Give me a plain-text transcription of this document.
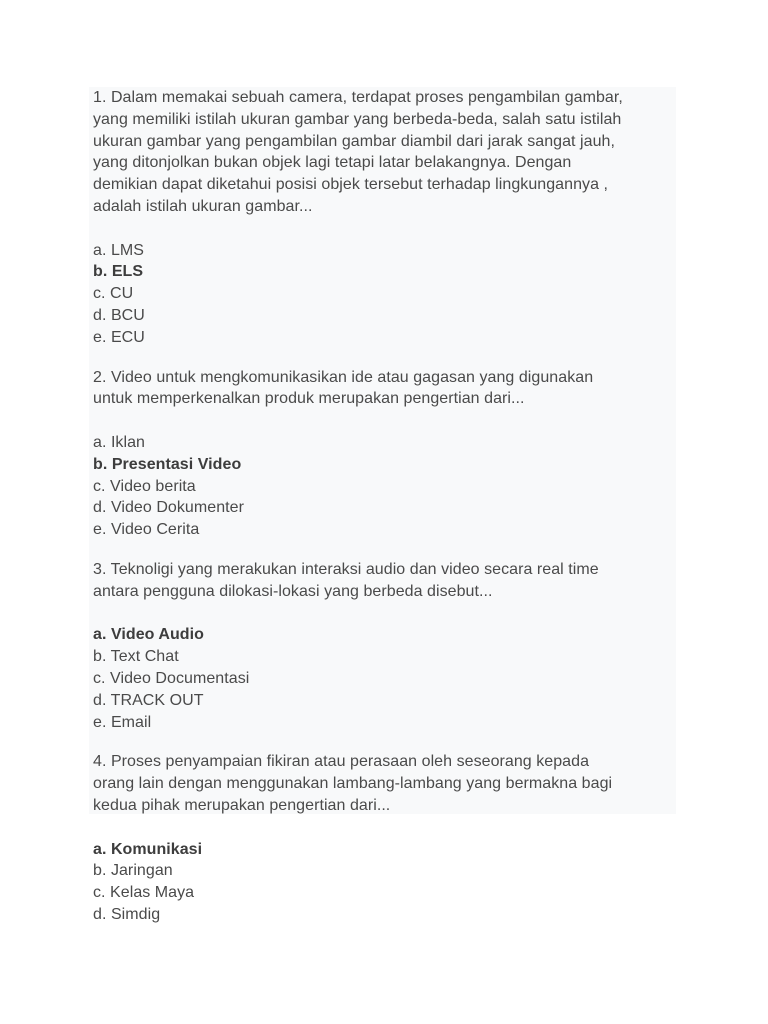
1. Dalam memakai sebuah camera, terdapat proses pengambilan gambar,
yang memiliki istilah ukuran gambar yang berbeda-beda, salah satu istilah
ukuran gambar yang pengambilan gambar diambil dari jarak sangat jauh,
yang ditonjolkan bukan objek lagi tetapi latar belakangnya. Dengan
demikian dapat diketahui posisi objek tersebut terhadap lingkungannya ,
adalah istilah ukuran gambar...

a. LMS
b. ELS
c. CU
d. BCU
e. ECU

2. Video untuk mengkomunikasikan ide atau gagasan yang digunakan
untuk memperkenalkan produk merupakan pengertian dari...

a. Iklan
b. Presentasi Video
c. Video berita
d. Video Dokumenter
e. Video Cerita

3. Teknoligi yang merakukan interaksi audio dan video secara real time
antara pengguna dilokasi-lokasi yang berbeda disebut...

a. Video Audio
b. Text Chat
c. Video Documentasi
d. TRACK OUT
e. Email

4. Proses penyampaian fikiran atau perasaan oleh seseorang kepada
orang lain dengan menggunakan lambang-lambang yang bermakna bagi
kedua pihak merupakan pengertian dari...

a. Komunikasi
b. Jaringan
c. Kelas Maya
d. Simdig
